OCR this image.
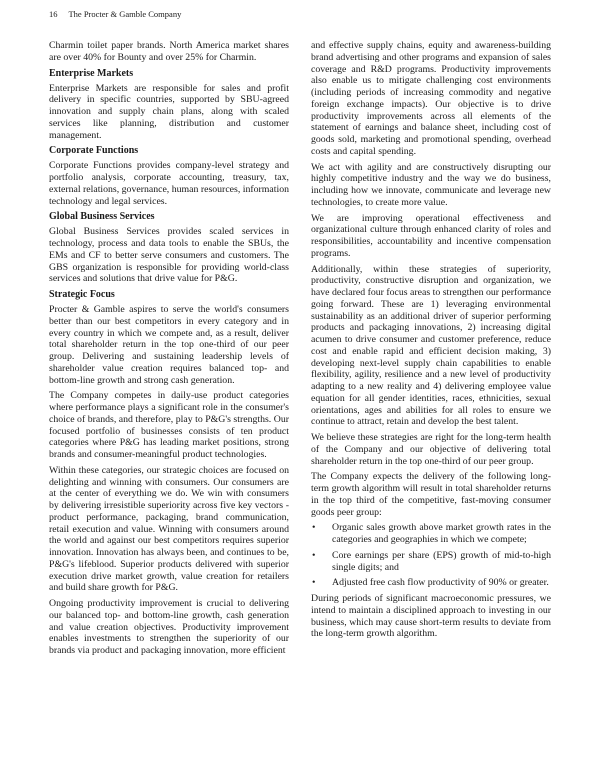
16 The Procter & Gamble Company

Charmin toilet paper brands. North America market shares are over 40% for Bounty and over 25% for Charmin.

Enterprise Markets

Enterprise Markets are responsible for sales and profit delivery in specific countries, supported by SBU-agreed innovation and supply chain plans, along with scaled services like planning, distribution and customer management.

Corporate Functions

Corporate Functions provides company-level strategy and portfolio analysis, corporate accounting, treasury, tax, external relations, governance, human resources, information technology and legal services.

Global Business Services

Global Business Services provides scaled services in technology, process and data tools to enable the SBUs, the EMs and CF to better serve consumers and customers. The GBS organization is responsible for providing world-class services and solutions that drive value for P&G.

Strategic Focus

Procter & Gamble aspires to serve the world's consumers better than our best competitors in every category and in every country in which we compete and, as a result, deliver total shareholder return in the top one-third of our peer group. Delivering and sustaining leadership levels of shareholder value creation requires balanced top- and bottom-line growth and strong cash generation.

The Company competes in daily-use product categories where performance plays a significant role in the consumer's choice of brands, and therefore, play to P&G's strengths. Our focused portfolio of businesses consists of ten product categories where P&G has leading market positions, strong brands and consumer-meaningful product technologies.

Within these categories, our strategic choices are focused on delighting and winning with consumers. Our consumers are at the center of everything we do. We win with consumers by delivering irresistible superiority across five key vectors - product performance, packaging, brand communication, retail execution and value. Winning with consumers around the world and against our best competitors requires superior innovation. Innovation has always been, and continues to be, P&G's lifeblood. Superior products delivered with superior execution drive market growth, value creation for retailers and build share growth for P&G.

Ongoing productivity improvement is crucial to delivering our balanced top- and bottom-line growth, cash generation and value creation objectives. Productivity improvement enables investments to strengthen the superiority of our brands via product and packaging innovation, more efficient

and effective supply chains, equity and awareness-building brand advertising and other programs and expansion of sales coverage and R&D programs. Productivity improvements also enable us to mitigate challenging cost environments (including periods of increasing commodity and negative foreign exchange impacts). Our objective is to drive productivity improvements across all elements of the statement of earnings and balance sheet, including cost of goods sold, marketing and promotional spending, overhead costs and capital spending.

We act with agility and are constructively disrupting our highly competitive industry and the way we do business, including how we innovate, communicate and leverage new technologies, to create more value.

We are improving operational effectiveness and organizational culture through enhanced clarity of roles and responsibilities, accountability and incentive compensation programs.

Additionally, within these strategies of superiority, productivity, constructive disruption and organization, we have declared four focus areas to strengthen our performance going forward. These are 1) leveraging environmental sustainability as an additional driver of superior performing products and packaging innovations, 2) increasing digital acumen to drive consumer and customer preference, reduce cost and enable rapid and efficient decision making, 3) developing next-level supply chain capabilities to enable flexibility, agility, resilience and a new level of productivity adapting to a new reality and 4) delivering employee value equation for all gender identities, races, ethnicities, sexual orientations, ages and abilities for all roles to ensure we continue to attract, retain and develop the best talent.

We believe these strategies are right for the long-term health of the Company and our objective of delivering total shareholder return in the top one-third of our peer group.

The Company expects the delivery of the following long-term growth algorithm will result in total shareholder returns in the top third of the competitive, fast-moving consumer goods peer group:

• Organic sales growth above market growth rates in the categories and geographies in which we compete;
• Core earnings per share (EPS) growth of mid-to-high single digits; and
• Adjusted free cash flow productivity of 90% or greater.

During periods of significant macroeconomic pressures, we intend to maintain a disciplined approach to investing in our business, which may cause short-term results to deviate from the long-term growth algorithm.
